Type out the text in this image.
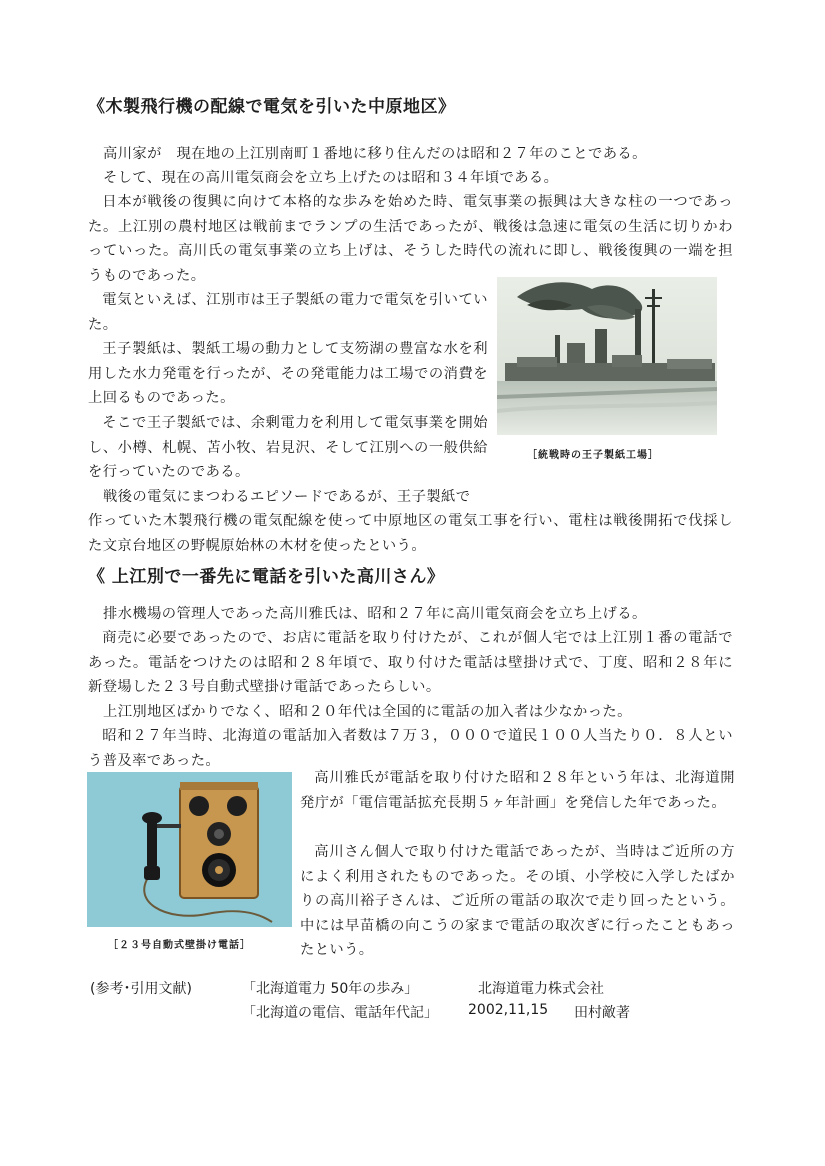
《木製飛行機の配線で電気を引いた中原地区》
高川家が　現在地の上江別南町１番地に移り住んだのは昭和２７年のことである。
そして、現在の高川電気商会を立ち上げたのは昭和３４年頃である。

日本が戦後の復興に向けて本格的な歩みを始めた時、電気事業の振興は大きな柱の一つであった。上江別の農村地区は戦前までランプの生活であったが、戦後は急速に電気の生活に切りかわっていった。高川氏の電気事業の立ち上げは、そうした時代の流れに即し、戦後復興の一端を担うものであった。

電気といえば、江別市は王子製紙の電力で電気を引いていた。

王子製紙は、製紙工場の動力として支笏湖の豊富な水を利用した水力発電を行ったが、その発電能力は工場での消費を上回るものであった。

そこで王子製紙では、余剰電力を利用して電気事業を開始し、小樽、札幌、苫小牧、岩見沢、そして江別への一般供給を行っていたのである。

戦後の電気にまつわるエピソードであるが、王子製紙で

作っていた木製飛行機の電気配線を使って中原地区の電気工事を行い、電柱は戦後開拓で伐採した文京台地区の野幌原始林の木材を使ったという。

［統戦時の王子製紙工場］
《 上江別で一番先に電話を引いた高川さん》
排水機場の管理人であった高川雅氏は、昭和２７年に高川電気商会を立ち上げる。

商売に必要であったので、お店に電話を取り付けたが、これが個人宅では上江別１番の電話であった。電話をつけたのは昭和２８年頃で、取り付けた電話は壁掛け式で、丁度、昭和２８年に新登場した２３号自動式壁掛け電話であったらしい。

上江別地区ばかりでなく、昭和２０年代は全国的に電話の加入者は少なかった。

昭和２７年当時、北海道の電話加入者数は７万３，０００で道民１００人当たり０．８人という普及率であった。

［２３号自動式壁掛け電話］

高川雅氏が電話を取り付けた昭和２８年という年は、北海道開発庁が「電信電話拡充長期５ヶ年計画」を発信した年であった。

高川さん個人で取り付けた電話であったが、当時はご近所の方によく利用されたものであった。その頃、小学校に入学したばかりの高川裕子さんは、ご近所の電話の取次で走り回ったという。中には早苗橋の向こうの家まで電話の取次ぎに行ったこともあったという。

(参考･引用文献)	「北海道電力 50年の歩み」	北海道電力株式会社
「北海道の電信、電話年代記」 2002,11,15 田村敵著
